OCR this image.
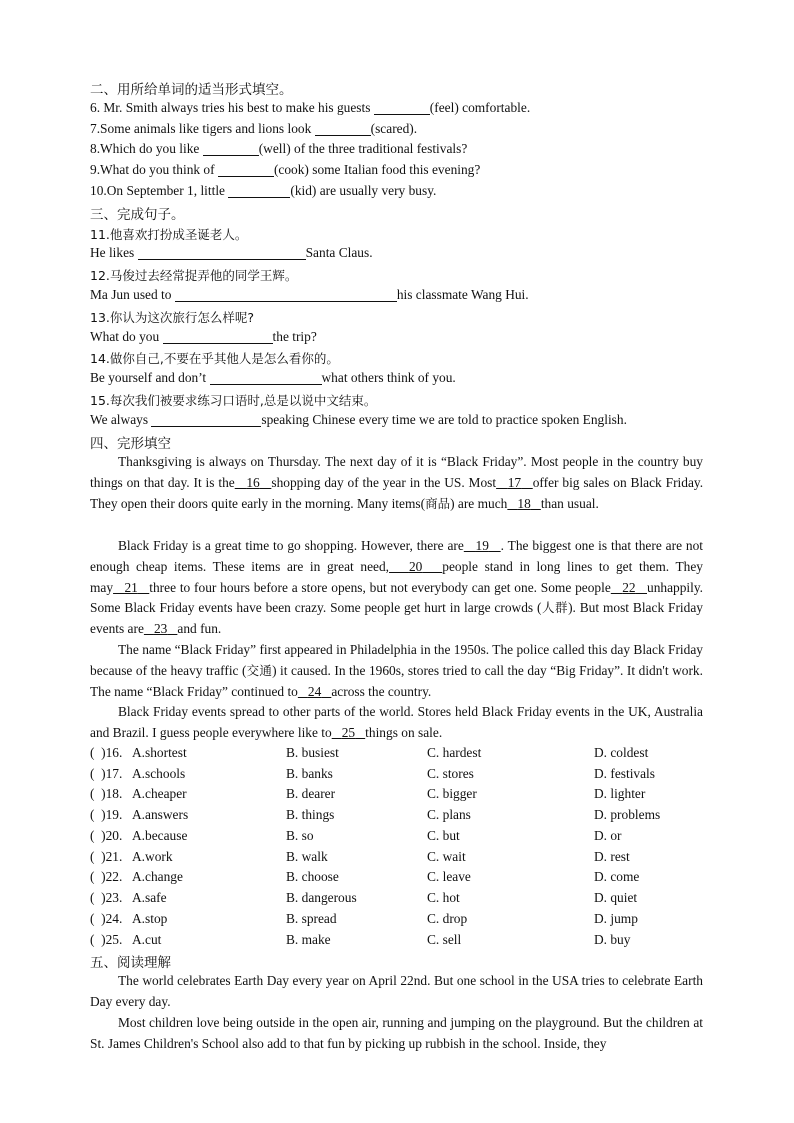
二、用所给单词的适当形式填空。
6. Mr. Smith always tries his best to make his guests	(feel) comfortable.
7.Some animals like tigers and lions look	(scared).
8.Which do you like	(well) of the three traditional festivals?
9.What do you think of	(cook) some Italian food this evening?
10.On September 1, little	(kid) are usually very busy.
三、完成句子。
11.他喜欢打扮成圣诞老人。
He likes	Santa Claus.
12.马俊过去经常捉弄他的同学王辉。
Ma Jun used to	his classmate Wang Hui.
13.你认为这次旅行怎么样呢?
What do you	the trip?
14.做你自己,不要在乎其他人是怎么看你的。
Be yourself and don’t	what others think of you.
15.每次我们被要求练习口语时,总是以说中文结束。
We always	speaking Chinese every time we are told to practice spoken English.
四、完形填空
Thanksgiving is always on Thursday. The next day of it is “Black Friday”. Most people in the country buy things on that day. It is the 16 shopping day of the year in the US. Most 17 offer big sales on Black Friday. They open their doors quite early in the morning. Many items(商品) are much 18 than usual.
Black Friday is a great time to go shopping. However, there are 19 . The biggest one is that there are not enough cheap items. These items are in great need, 20 people stand in long lines to get them. They may 21 three to four hours before a store opens, but not everybody can get one. Some people 22 unhappily. Some Black Friday events have been crazy. Some people get hurt in large crowds (人群). But most Black Friday events are 23 and fun.
The name “Black Friday” first appeared in Philadelphia in the 1950s. The police called this day Black Friday because of the heavy traffic (交通) it caused. In the 1960s, stores tried to call the day “Big Friday”. It didn't work. The name “Black Friday” continued to 24 across the country.
Black Friday events spread to other parts of the world. Stores held Black Friday events in the UK, Australia and Brazil. I guess people everywhere like to 25 things on sale.
(  )16. A.shortest	B. busiest	C. hardest	D. coldest
(  )17. A.schools	B. banks	C. stores	D. festivals
(  )18. A.cheaper	B. dearer	C. bigger	D. lighter
(  )19. A.answers	B. things	C. plans	D. problems
(  )20. A.because	B. so	C. but	D. or
(  )21. A.work	B. walk	C. wait	D. rest
(  )22. A.change	B. choose	C. leave	D. come
(  )23. A.safe	B. dangerous	C. hot	D. quiet
(  )24. A.stop	B. spread	C. drop	D. jump
(  )25. A.cut	B. make	C. sell	D. buy
五、阅读理解
The world celebrates Earth Day every year on April 22nd. But one school in the USA tries to celebrate Earth Day every day.
Most children love being outside in the open air, running and jumping on the playground. But the children at St. James Children's School also add to that fun by picking up rubbish in the school. Inside, they
